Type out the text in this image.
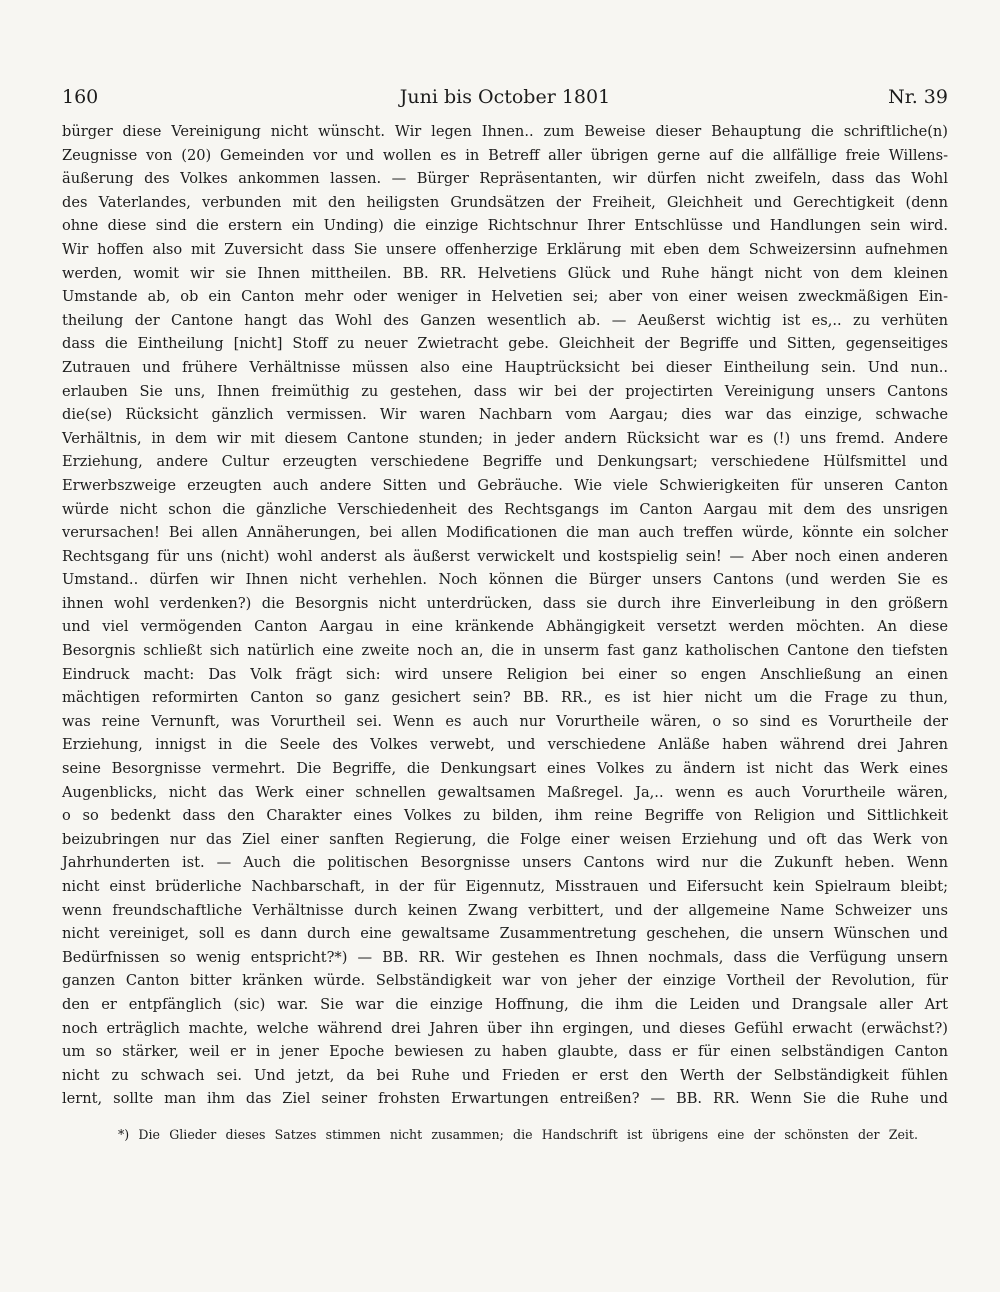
160	Juni bis October 1801	Nr. 39
bürger diese Vereinigung nicht wünscht. Wir legen Ihnen.. zum Beweise dieser Behauptung die schriftliche(n)
Zeugnisse von (20) Gemeinden vor und wollen es in Betreff aller übrigen gerne auf die allfällige freie Willens-
äußerung des Volkes ankommen lassen. — Bürger Repräsentanten, wir dürfen nicht zweifeln, dass das Wohl
des Vaterlandes, verbunden mit den heiligsten Grundsätzen der Freiheit, Gleichheit und Gerechtigkeit (denn
ohne diese sind die erstern ein Unding) die einzige Richtschnur Ihrer Entschlüsse und Handlungen sein wird.
Wir hoffen also mit Zuversicht dass Sie unsere offenherzige Erklärung mit eben dem Schweizersinn aufnehmen
werden, womit wir sie Ihnen mittheilen. BB. RR. Helvetiens Glück und Ruhe hängt nicht von dem kleinen
Umstande ab, ob ein Canton mehr oder weniger in Helvetien sei; aber von einer weisen zweckmäßigen Ein-
theilung der Cantone hangt das Wohl des Ganzen wesentlich ab. — Aeußerst wichtig ist es,.. zu verhüten
dass die Eintheilung [nicht] Stoff zu neuer Zwietracht gebe. Gleichheit der Begriffe und Sitten, gegenseitiges
Zutrauen und frühere Verhältnisse müssen also eine Hauptrücksicht bei dieser Eintheilung sein. Und nun..
erlauben Sie uns, Ihnen freimüthig zu gestehen, dass wir bei der projectirten Vereinigung unsers Cantons
die(se) Rücksicht gänzlich vermissen. Wir waren Nachbarn vom Aargau; dies war das einzige, schwache
Verhältnis, in dem wir mit diesem Cantone stunden; in jeder andern Rücksicht war es (!) uns fremd. Andere
Erziehung, andere Cultur erzeugten verschiedene Begriffe und Denkungsart; verschiedene Hülfsmittel und
Erwerbszweige erzeugten auch andere Sitten und Gebräuche. Wie viele Schwierigkeiten für unseren Canton
würde nicht schon die gänzliche Verschiedenheit des Rechtsgangs im Canton Aargau mit dem des unsrigen
verursachen! Bei allen Annäherungen, bei allen Modificationen die man auch treffen würde, könnte ein solcher
Rechtsgang für uns (nicht) wohl anderst als äußerst verwickelt und kostspielig sein! — Aber noch einen anderen
Umstand.. dürfen wir Ihnen nicht verhehlen. Noch können die Bürger unsers Cantons (und werden Sie es
ihnen wohl verdenken?) die Besorgnis nicht unterdrücken, dass sie durch ihre Einverleibung in den größern
und viel vermögenden Canton Aargau in eine kränkende Abhängigkeit versetzt werden möchten. An diese
Besorgnis schließt sich natürlich eine zweite noch an, die in unserm fast ganz katholischen Cantone den tiefsten
Eindruck macht: Das Volk frägt sich: wird unsere Religion bei einer so engen Anschließung an einen
mächtigen reformirten Canton so ganz gesichert sein? BB. RR., es ist hier nicht um die Frage zu thun,
was reine Vernunft, was Vorurtheil sei. Wenn es auch nur Vorurtheile wären, o so sind es Vorurtheile der
Erziehung, innigst in die Seele des Volkes verwebt, und verschiedene Anläße haben während drei Jahren
seine Besorgnisse vermehrt. Die Begriffe, die Denkungsart eines Volkes zu ändern ist nicht das Werk eines
Augenblicks, nicht das Werk einer schnellen gewaltsamen Maßregel. Ja,.. wenn es auch Vorurtheile wären,
o so bedenkt dass den Charakter eines Volkes zu bilden, ihm reine Begriffe von Religion und Sittlichkeit
beizubringen nur das Ziel einer sanften Regierung, die Folge einer weisen Erziehung und oft das Werk von
Jahrhunderten ist. — Auch die politischen Besorgnisse unsers Cantons wird nur die Zukunft heben. Wenn
nicht einst brüderliche Nachbarschaft, in der für Eigennutz, Misstrauen und Eifersucht kein Spielraum bleibt;
wenn freundschaftliche Verhältnisse durch keinen Zwang verbittert, und der allgemeine Name Schweizer uns
nicht vereiniget, soll es dann durch eine gewaltsame Zusammentretung geschehen, die unsern Wünschen und
Bedürfnissen so wenig entspricht?*) — BB. RR. Wir gestehen es Ihnen nochmals, dass die Verfügung unsern
ganzen Canton bitter kränken würde. Selbständigkeit war von jeher der einzige Vortheil der Revolution, für
den er entpfänglich (sic) war. Sie war die einzige Hoffnung, die ihm die Leiden und Drangsale aller Art
noch erträglich machte, welche während drei Jahren über ihn ergingen, und dieses Gefühl erwacht (erwächst?)
um so stärker, weil er in jener Epoche bewiesen zu haben glaubte, dass er für einen selbständigen Canton
nicht zu schwach sei. Und jetzt, da bei Ruhe und Frieden er erst den Werth der Selbständigkeit fühlen
lernt, sollte man ihm das Ziel seiner frohsten Erwartungen entreißen? — BB. RR. Wenn Sie die Ruhe und
*) Die Glieder dieses Satzes stimmen nicht zusammen; die Handschrift ist übrigens eine der schönsten der Zeit.
